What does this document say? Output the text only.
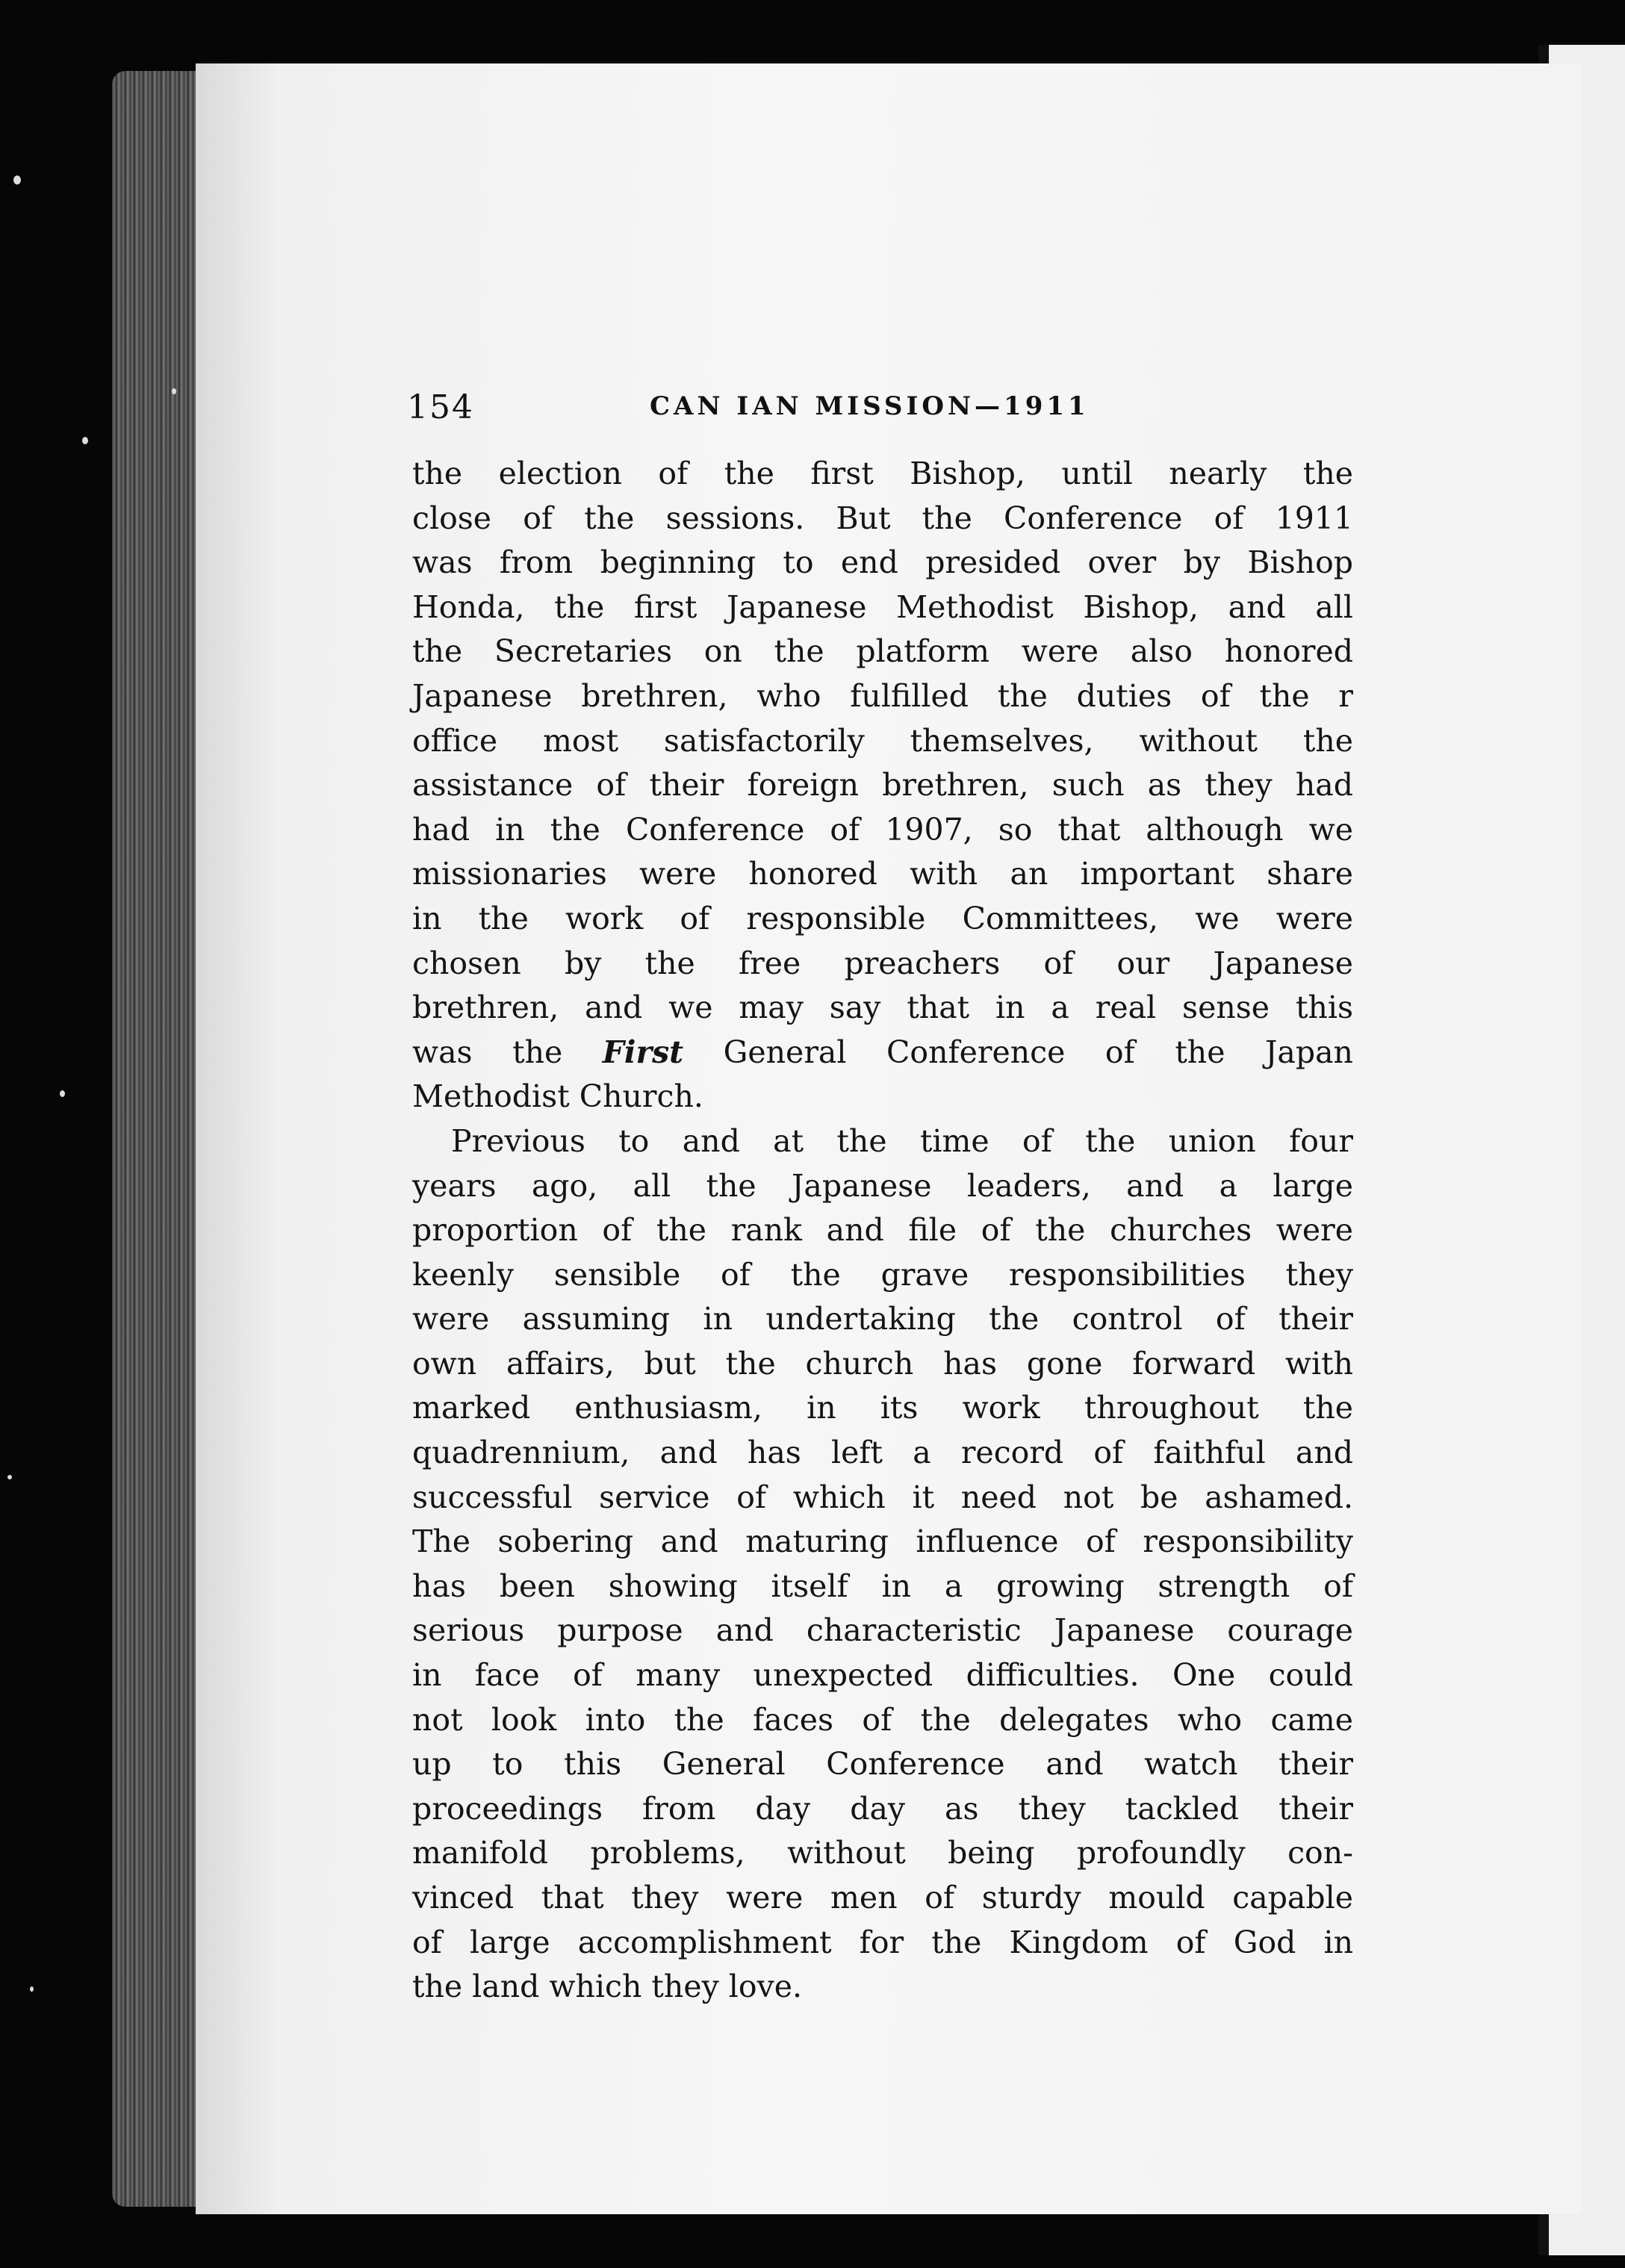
154	CAN IAN MISSION—1911
the election of the first Bishop, until nearly the
close of the sessions. But the Conference of 1911
was from beginning to end presided over by Bishop
Honda, the first Japanese Methodist Bishop, and all
the Secretaries on the platform were also honored
Japanese brethren, who fulfilled the duties of the r
office most satisfactorily themselves, without the
assistance of their foreign brethren, such as they had
had in the Conference of 1907, so that although we
missionaries were honored with an important share
in the work of responsible Committees, we were
chosen by the free preachers of our Japanese
brethren, and we may say that in a real sense this
was the First General Conference of the Japan
Methodist Church.
Previous to and at the time of the union four
years ago, all the Japanese leaders, and a large
proportion of the rank and file of the churches were
keenly sensible of the grave responsibilities they
were assuming in undertaking the control of their
own affairs, but the church has gone forward with
marked enthusiasm, in its work throughout the
quadrennium, and has left a record of faithful and
successful service of which it need not be ashamed.
The sobering and maturing influence of responsibility
has been showing itself in a growing strength of
serious purpose and characteristic Japanese courage
in face of many unexpected difficulties. One could
not look into the faces of the delegates who came
up to this General Conference and watch their
proceedings from day day as they tackled their
manifold problems, without being profoundly con-
vinced that they were men of sturdy mould capable
of large accomplishment for the Kingdom of God in
the land which they love.
